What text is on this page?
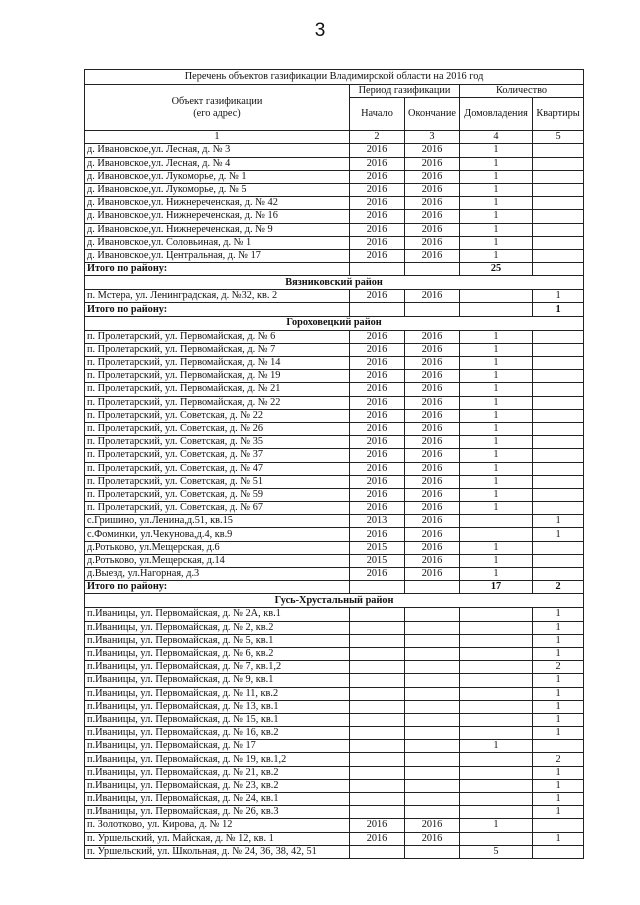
3
Перечень объектов газификации Владимирской области на 2016 год				

Объект газификации
(его адрес)	Период газификации		Количество	
	Начало	Окончание	Домовладения	Квартиры
1	2	3	4	5
д. Ивановское,ул. Лесная, д. № 3	2016	2016	1	
д. Ивановское,ул. Лесная, д. № 4	2016	2016	1	
д. Ивановское,ул. Лукоморье, д. № 1	2016	2016	1	
д. Ивановское,ул. Лукоморье, д. № 5	2016	2016	1	
д. Ивановское,ул. Нижнереченская, д. № 42	2016	2016	1	
д. Ивановское,ул. Нижнереченская, д. № 16	2016	2016	1	
д. Ивановское,ул. Нижнереченская, д. № 9	2016	2016	1	
д. Ивановское,ул. Соловьиная, д. № 1	2016	2016	1	
д. Ивановское,ул. Центральная, д. № 17	2016	2016	1	
Итого по району:			25	
Вязниковский район				
п. Мстера, ул. Ленинградская, д. №32, кв. 2	2016	2016		1
Итого по району:				1
Гороховецкий район				
п. Пролетарский, ул. Первомайская, д. № 6	2016	2016	1	
п. Пролетарский, ул. Первомайская, д. № 7	2016	2016	1	
п. Пролетарский, ул. Первомайская, д. № 14	2016	2016	1	
п. Пролетарский, ул. Первомайская, д. № 19	2016	2016	1	
п. Пролетарский, ул. Первомайская, д. № 21	2016	2016	1	
п. Пролетарский, ул. Первомайская, д. № 22	2016	2016	1	
п. Пролетарский, ул. Советская, д. № 22	2016	2016	1	
п. Пролетарский, ул. Советская, д. № 26	2016	2016	1	
п. Пролетарский, ул. Советская, д. № 35	2016	2016	1	
п. Пролетарский, ул. Советская, д. № 37	2016	2016	1	
п. Пролетарский, ул. Советская, д. № 47	2016	2016	1	
п. Пролетарский, ул. Советская, д. № 51	2016	2016	1	
п. Пролетарский, ул. Советская, д. № 59	2016	2016	1	
п. Пролетарский, ул. Советская, д. № 67	2016	2016	1	
с.Гришино, ул.Ленина,д.51, кв.15	2013	2016		1
с.Фоминки, ул.Чекунова,д.4, кв.9	2016	2016		1
д.Ротьково, ул.Мещерская, д.6	2015	2016	1	
д.Ротьково, ул.Мещерская, д.14	2015	2016	1	
д.Выезд, ул.Нагорная, д.3	2016	2016	1	
Итого по району:			17	2
Гусь-Хрустальный район				
п.Иваницы, ул. Первомайская, д. № 2А, кв.1				1
п.Иваницы, ул. Первомайская, д. № 2, кв.2				1
п.Иваницы, ул. Первомайская, д. № 5, кв.1				1
п.Иваницы, ул. Первомайская, д. № 6, кв.2				1
п.Иваницы, ул. Первомайская, д. № 7, кв.1,2				2
п.Иваницы, ул. Первомайская, д. № 9, кв.1				1
п.Иваницы, ул. Первомайская, д. № 11, кв.2				1
п.Иваницы, ул. Первомайская, д. № 13, кв.1				1
п.Иваницы, ул. Первомайская, д. № 15, кв.1				1
п.Иваницы, ул. Первомайская, д. № 16, кв.2				1
п.Иваницы, ул. Первомайская, д. № 17			1	
п.Иваницы, ул. Первомайская, д. № 19, кв.1,2				2
п.Иваницы, ул. Первомайская, д. № 21, кв.2				1
п.Иваницы, ул. Первомайская, д. № 23, кв.2				1
п.Иваницы, ул. Первомайская, д. № 24, кв.1				1
п.Иваницы, ул. Первомайская, д. № 26, кв.3				1
п. Золотково, ул. Кирова, д. № 12	2016	2016	1	
п. Уршельский, ул. Майская, д. № 12, кв. 1	2016	2016		1
п. Уршельский, ул. Школьная, д. № 24, 36, 38, 42, 51			5	
